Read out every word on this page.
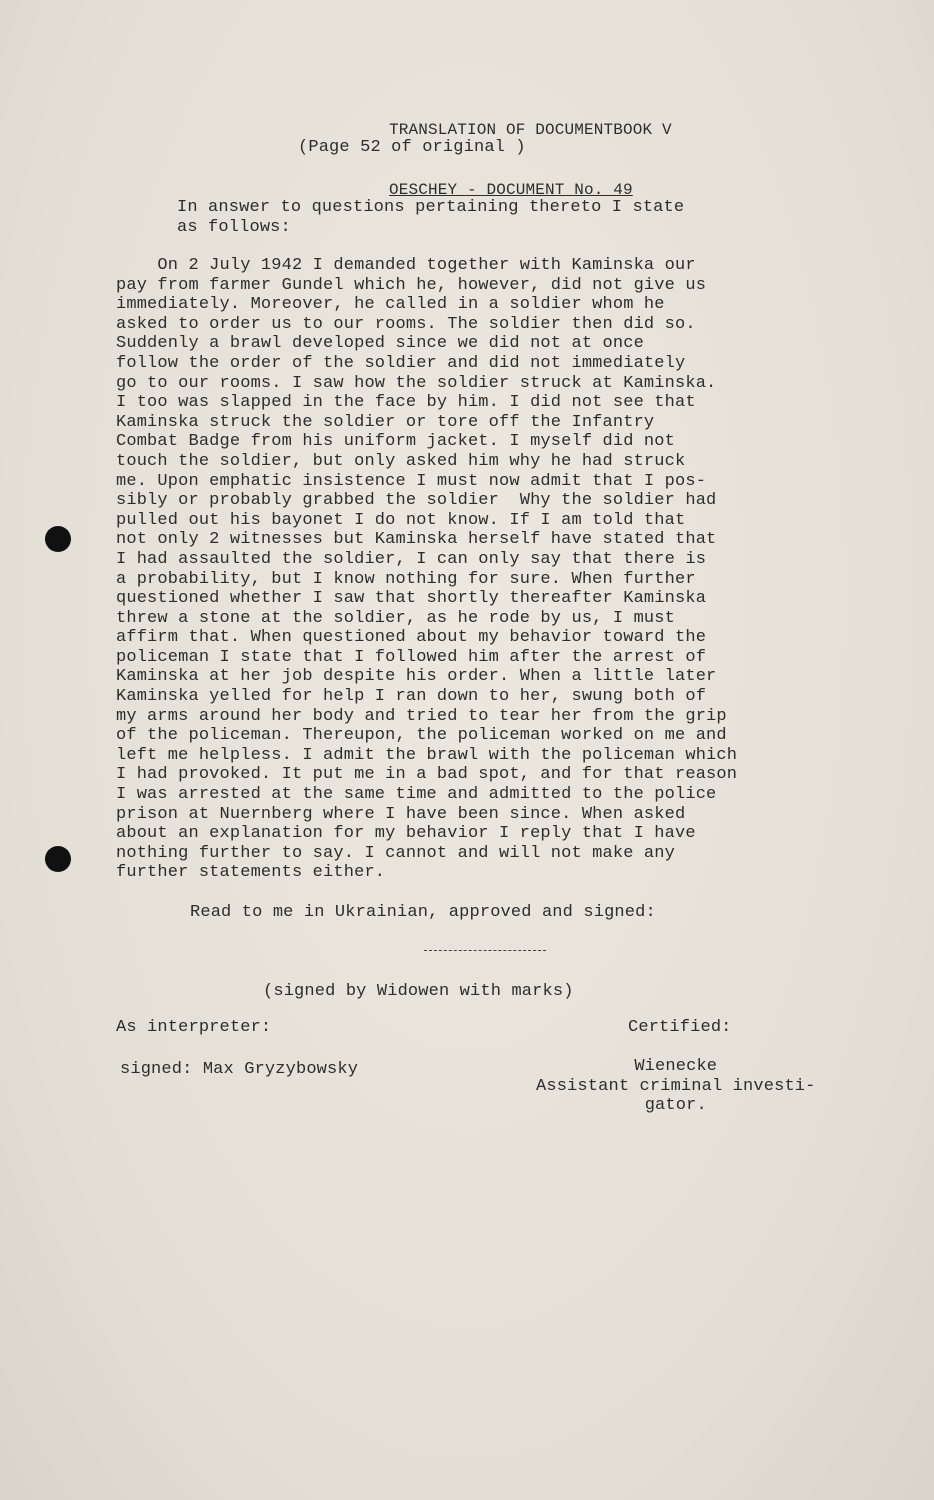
TRANSLATION OF DOCUMENTBOOK V

OESCHEY - DOCUMENT No. 49

(Page 52 of original )
In answer to questions pertaining thereto I state
as follows:
On 2 July 1942 I demanded together with Kaminska our
pay from farmer Gundel which he, however, did not give us
immediately. Moreover, he called in a soldier whom he
asked to order us to our rooms. The soldier then did so.
Suddenly a brawl developed since we did not at once
follow the order of the soldier and did not immediately
go to our rooms. I saw how the soldier struck at Kaminska.
I too was slapped in the face by him. I did not see that
Kaminska struck the soldier or tore off the Infantry
Combat Badge from his uniform jacket. I myself did not
touch the soldier, but only asked him why he had struck
me. Upon emphatic insistence I must now admit that I pos-
sibly or probably grabbed the soldier  Why the soldier had
pulled out his bayonet I do not know. If I am told that
not only 2 witnesses but Kaminska herself have stated that
I had assaulted the soldier, I can only say that there is
a probability, but I know nothing for sure. When further
questioned whether I saw that shortly thereafter Kaminska
threw a stone at the soldier, as he rode by us, I must
affirm that. When questioned about my behavior toward the
policeman I state that I followed him after the arrest of
Kaminska at her job despite his order. When a little later
Kaminska yelled for help I ran down to her, swung both of
my arms around her body and tried to tear her from the grip
of the policeman. Thereupon, the policeman worked on me and
left me helpless. I admit the brawl with the policeman which
I had provoked. It put me in a bad spot, and for that reason
I was arrested at the same time and admitted to the police
prison at Nuernberg where I have been since. When asked
about an explanation for my behavior I reply that I have
nothing further to say. I cannot and will not make any
further statements either.
Read to me in Ukrainian, approved and signed:
(signed by Widowen with marks)
As interpreter:	Certified:
signed: Max Gryzybowsky	Wienecke
Assistant criminal investi-
gator.
